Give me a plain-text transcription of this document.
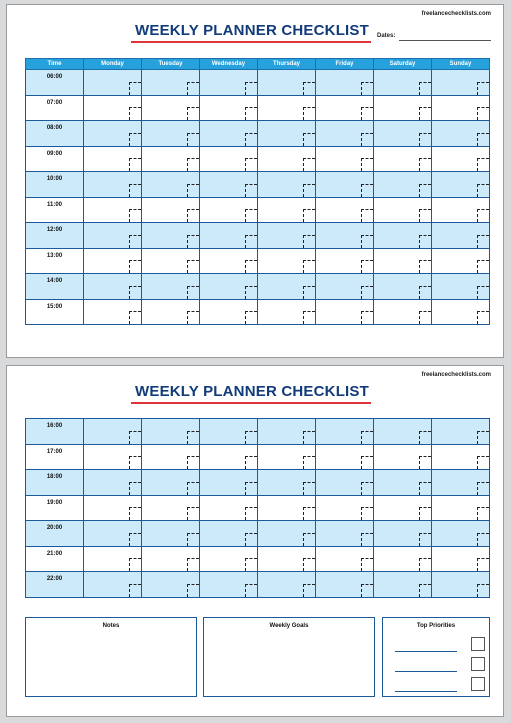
freelancechecklists.com
WEEKLY PLANNER CHECKLIST	Dates:
Time	Monday	Tuesday	Wednesday	Thursday	Friday	Saturday	Sunday

06:00							

07:00							

08:00							

09:00							

10:00							

11:00							

12:00							

13:00							

14:00							

15:00							

freelancechecklists.com
WEEKLY PLANNER CHECKLIST
16:00							

17:00							

18:00							

19:00							

20:00							

21:00							

22:00							

Notes	Weekly Goals	Top Priorities
